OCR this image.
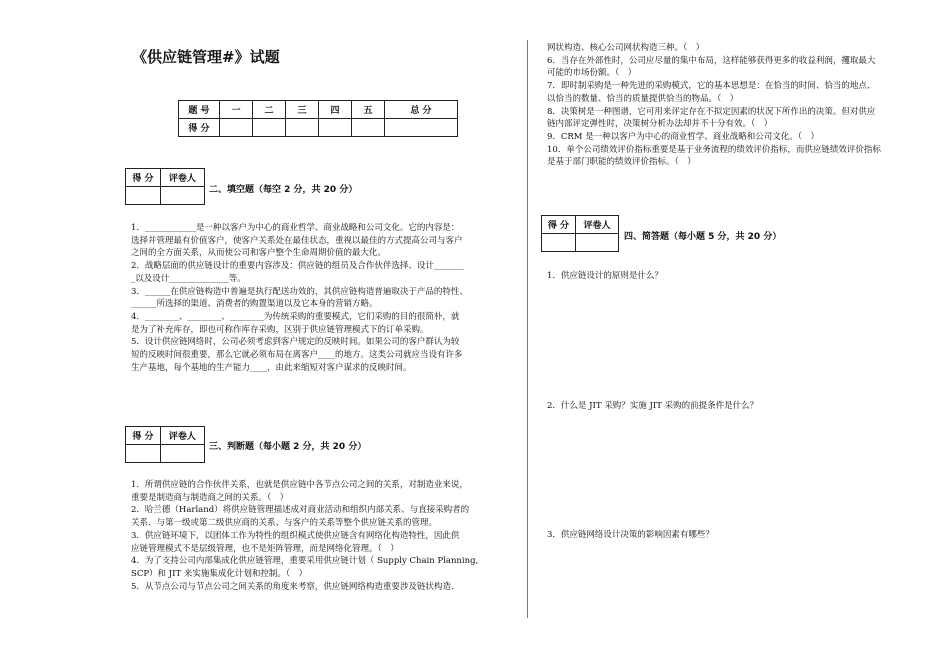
《供应链管理#》试题
题 号	一	二	三	四	五	总 分
得 分						
得 分	评卷人

二、填空题（每空 2 分，共 20 分）

1．____________是一种以客户为中心的商业哲学、商业战略和公司文化。它的内容是：

选择并管理最有价值客户，使客户关系处在最佳状态，重视以最佳的方式提高公司与客户

之间的全方面关系，从而使公司和客户整个生命周期价值的最大化。

2．战略层面的供应链设计的重要内容涉及：供应链的组员及合作伙伴选择、设计_______

_以及设计______________等。

3．______在供应链构造中普遍是执行配送功效的，其供应链构造普遍取决于产品的特性、

______所选择的渠道、消费者的购置渠道以及它本身的营销方略。

4．________、________、________为传统采购的重要模式，它们采购的目的很简朴，就

是为了补充库存，即也可称作库存采购，区别于供应链管理模式下的订单采购。

5．设计供应链网络时，公司必须考虑到客户规定的反映时间。如果公司的客户群认为较

短的反映时间很重要，那么它就必须布局在离客户____的地方。这类公司就应当设有许多

生产基地，每个基地的生产能力____，由此来缩短对客户谋求的反映时间。

得 分	评卷人

三、判断题（每小题 2 分，共 20 分）

1．所谓供应链的合作伙伴关系，也就是供应链中各节点公司之间的关系，对制造业来说，

重要是制造商与制造商之间的关系。（　）

2．哈兰德（Harland）将供应链管理描述成对商业活动和组织内部关系、与直接采购者的

关系、与第一级或第二级供应商的关系、与客户的关系等整个供应链关系的管理。

3．供应链环境下，以团体工作为特性的组织模式使供应链含有网络化构造特性，因此供

应链管理模式不是层级管理，也不是矩阵管理，而是网络化管理。（　）

4．为了支持公司内部集成化供应链管理，重要采用供应链计划（ Supply Chain Planning,

SCP）和 JIT 来实施集成化计划和控制。（　）

5．从节点公司与节点公司之间关系的角度来考察，供应链网络构造重要涉及链状构造、

网状构造、核心公司网状构造三种。（　）

6．当存在外部性时，公司应尽量的集中布局，这样能够获得更多的收益利润，攫取最大

可能的市场份额。（　）

7．即时制采购是一种先进的采购模式，它的基本思想是：在恰当的时间、恰当的地点、

以恰当的数量、恰当的质量提供恰当的物品。（　）

8．决策树是一种图谱，它可用来评定存在不拟定因素的状况下所作出的决策。但对供应

链内部评定弹性时，决策树分析办法却并不十分有效。（　）

9．CRM 是一种以客户为中心的商业哲学、商业战略和公司文化。（　）

10．单个公司绩效评价指标重要是基于业务流程的绩效评价指标，而供应链绩效评价指标

是基于部门职能的绩效评价指标。（　）

得 分	评卷人

四、简答题（每小题 5 分，共 20 分）
1．供应链设计的原则是什么？
2．什么是 JIT 采购？实施 JIT 采购的前提条件是什么？
3．供应链网络设计决策的影响因素有哪些？
